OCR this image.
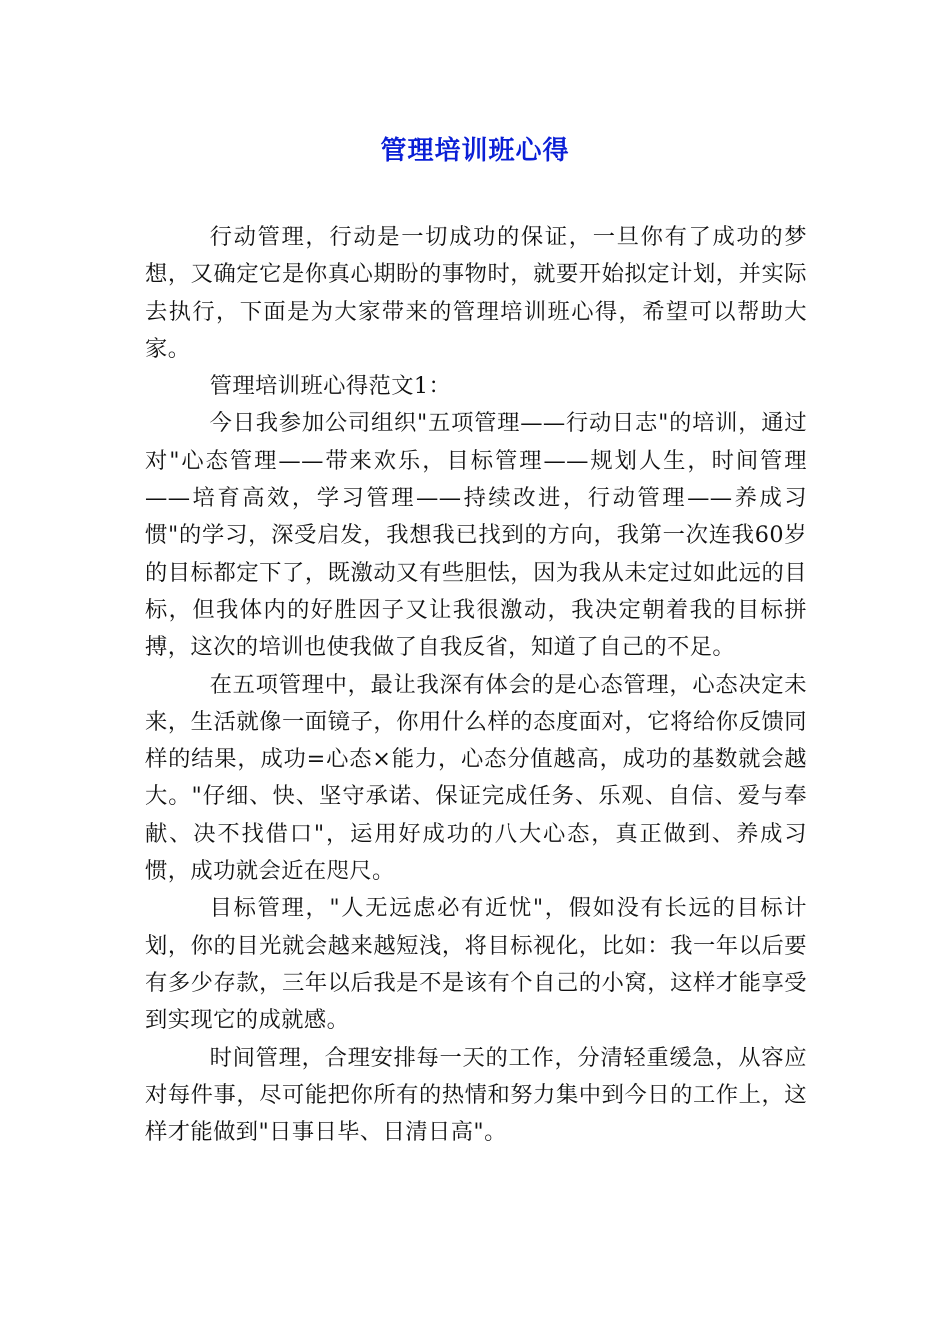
管理培训班心得

行动管理，行动是一切成功的保证，一旦你有了成功的梦想，又确定它是你真心期盼的事物时，就要开始拟定计划，并实际去执行，下面是为大家带来的管理培训班心得，希望可以帮助大家。

管理培训班心得范文1：

今日我参加公司组织"五项管理——行动日志"的培训，通过对"心态管理——带来欢乐，目标管理——规划人生，时间管理——培育高效，学习管理——持续改进，行动管理——养成习惯"的学习，深受启发，我想我已找到的方向，我第一次连我60岁的目标都定下了，既激动又有些胆怯，因为我从未定过如此远的目标，但我体内的好胜因子又让我很激动，我决定朝着我的目标拼搏，这次的培训也使我做了自我反省，知道了自己的不足。

在五项管理中，最让我深有体会的是心态管理，心态决定未来，生活就像一面镜子，你用什么样的态度面对，它将给你反馈同样的结果，成功=心态×能力，心态分值越高，成功的基数就会越大。"仔细、快、坚守承诺、保证完成任务、乐观、自信、爱与奉献、决不找借口"，运用好成功的八大心态，真正做到、养成习惯，成功就会近在咫尺。

目标管理，"人无远虑必有近忧"，假如没有长远的目标计划，你的目光就会越来越短浅，将目标视化，比如：我一年以后要有多少存款，三年以后我是不是该有个自己的小窝，这样才能享受到实现它的成就感。

时间管理，合理安排每一天的工作，分清轻重缓急，从容应对每件事，尽可能把你所有的热情和努力集中到今日的工作上，这样才能做到"日事日毕、日清日高"。
